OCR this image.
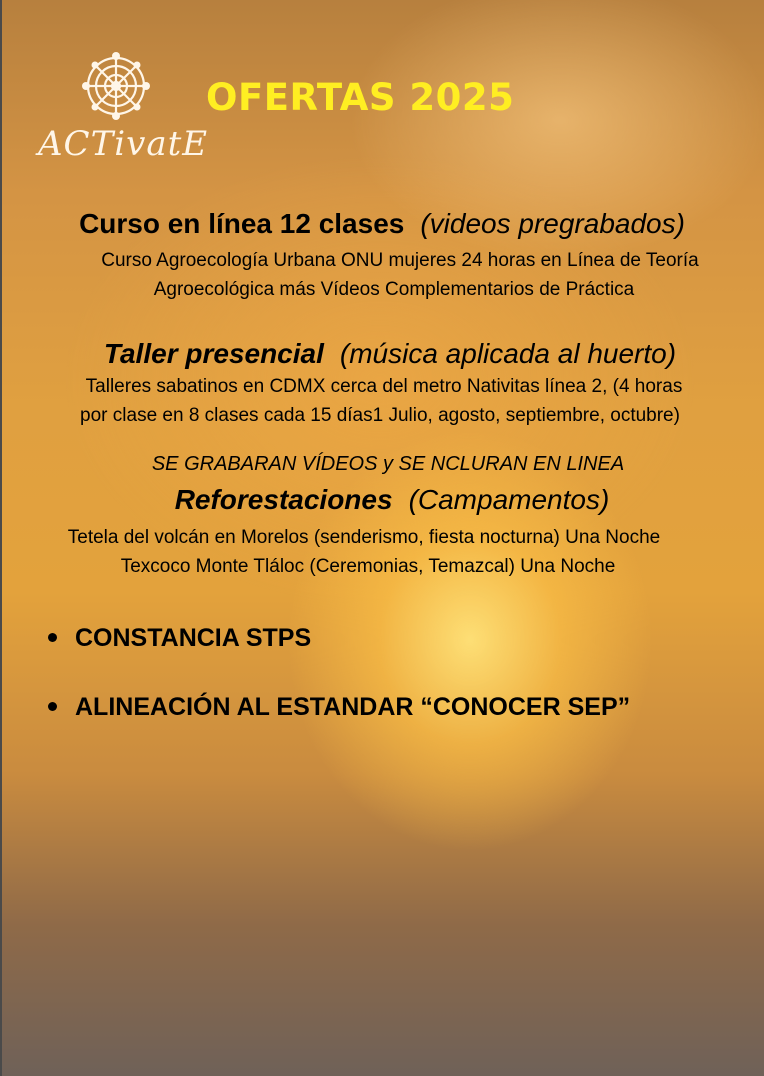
ACTivatE
OFERTAS 2025
Curso en línea 12 clases (videos pregrabados)
Curso Agroecología Urbana ONU mujeres 24 horas en Línea de Teoría
Agroecológica más Vídeos Complementarios de Práctica
Taller presencial (música aplicada al huerto)
Talleres sabatinos en CDMX cerca del metro Nativitas línea 2, (4 horas
por clase en 8 clases cada 15 días1 Julio, agosto, septiembre, octubre)
SE GRABARAN VÍDEOS y SE NCLURAN EN LINEA
Reforestaciones (Campamentos)
Tetela del volcán en Morelos (senderismo, fiesta nocturna) Una Noche
Texcoco Monte Tláloc (Ceremonias, Temazcal) Una Noche
CONSTANCIA STPS
ALINEACIÓN AL ESTANDAR “CONOCER SEP”
